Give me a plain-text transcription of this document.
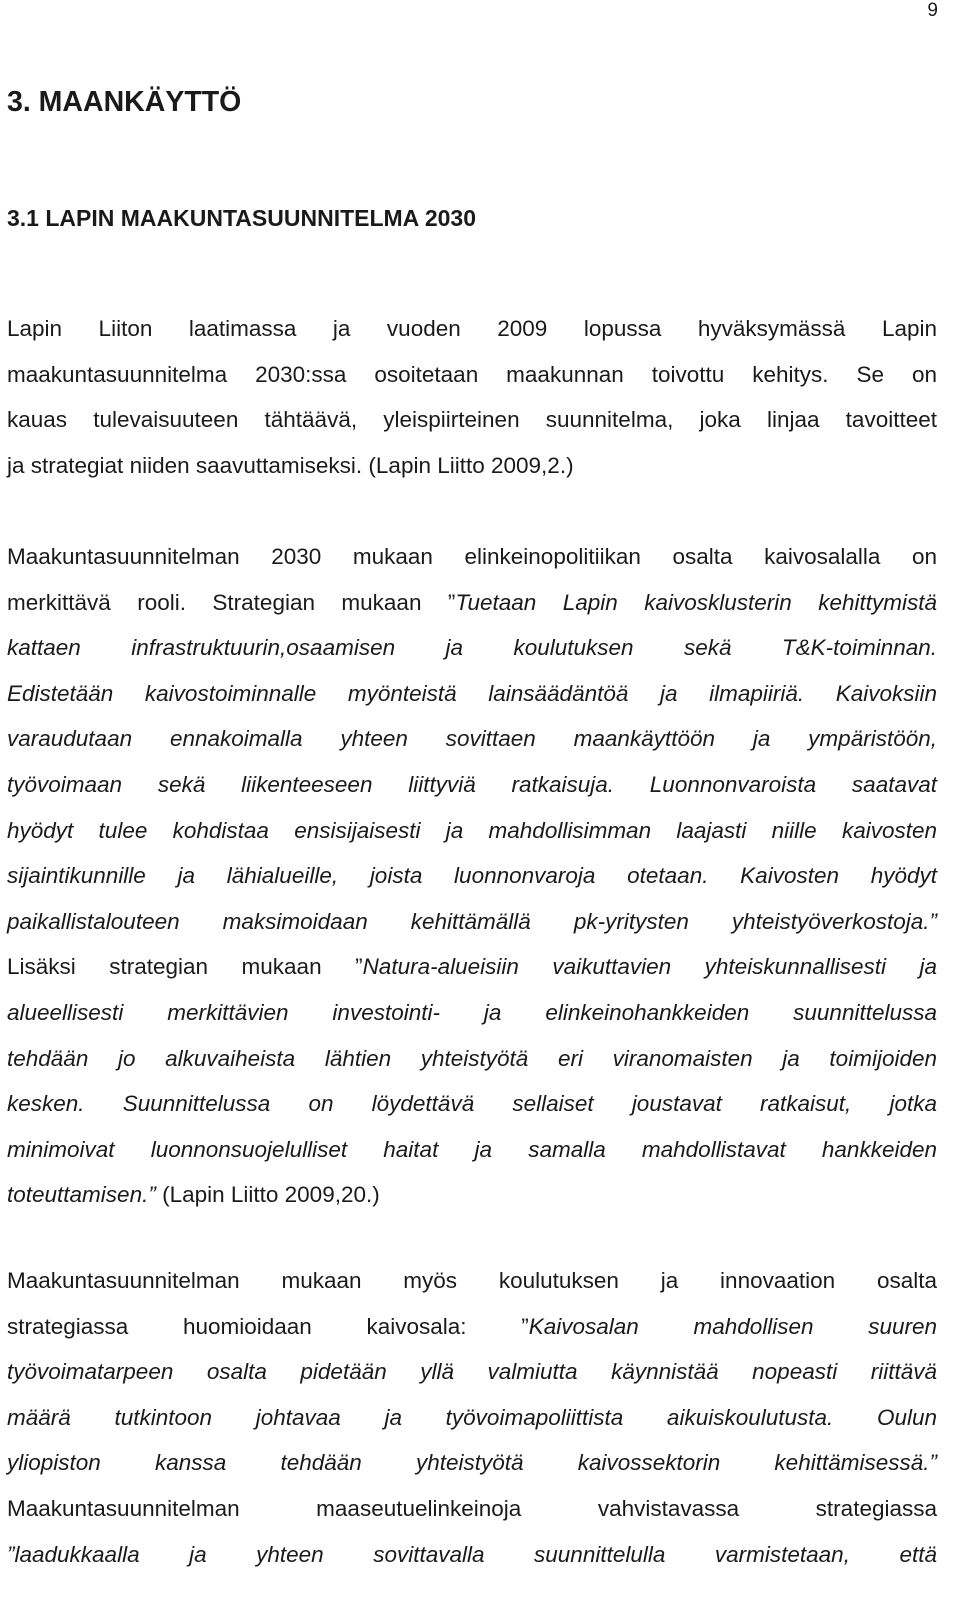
9
3. MAANKÄYTTÖ
3.1 LAPIN MAAKUNTASUUNNITELMA 2030
Lapin Liiton laatimassa ja vuoden 2009 lopussa hyväksymässä Lapin
maakuntasuunnitelma 2030:ssa osoitetaan maakunnan toivottu kehitys. Se on
kauas tulevaisuuteen tähtäävä, yleispiirteinen suunnitelma, joka linjaa tavoitteet
ja strategiat niiden saavuttamiseksi. (Lapin Liitto 2009,2.)
Maakuntasuunnitelman 2030 mukaan elinkeinopolitiikan osalta kaivosalalla on
merkittävä rooli. Strategian mukaan ”Tuetaan Lapin kaivosklusterin kehittymistä
kattaen infrastruktuurin,osaamisen ja koulutuksen sekä T&K-toiminnan.
Edistetään kaivostoiminnalle myönteistä lainsäädäntöä ja ilmapiiriä. Kaivoksiin
varaudutaan ennakoimalla yhteen sovittaen maankäyttöön ja ympäristöön,
työvoimaan sekä liikenteeseen liittyviä ratkaisuja. Luonnonvaroista saatavat
hyödyt tulee kohdistaa ensisijaisesti ja mahdollisimman laajasti niille kaivosten
sijaintikunnille ja lähialueille, joista luonnonvaroja otetaan. Kaivosten hyödyt
paikallistalouteen maksimoidaan kehittämällä pk-yritysten yhteistyöverkostoja.”
Lisäksi strategian mukaan ”Natura-alueisiin vaikuttavien yhteiskunnallisesti ja
alueellisesti merkittävien investointi- ja elinkeinohankkeiden suunnittelussa
tehdään jo alkuvaiheista lähtien yhteistyötä eri viranomaisten ja toimijoiden
kesken. Suunnittelussa on löydettävä sellaiset joustavat ratkaisut, jotka
minimoivat luonnonsuojelulliset haitat ja samalla mahdollistavat hankkeiden
toteuttamisen.” (Lapin Liitto 2009,20.)
Maakuntasuunnitelman mukaan myös koulutuksen ja innovaation osalta
strategiassa huomioidaan kaivosala: ”Kaivosalan mahdollisen suuren
työvoimatarpeen osalta pidetään yllä valmiutta käynnistää nopeasti riittävä
määrä tutkintoon johtavaa ja työvoimapoliittista aikuiskoulutusta. Oulun
yliopiston kanssa tehdään yhteistyötä kaivossektorin kehittämisessä.”
Maakuntasuunnitelman maaseutuelinkeinoja vahvistavassa strategiassa
”laadukkaalla ja yhteen sovittavalla suunnittelulla varmistetaan, että
